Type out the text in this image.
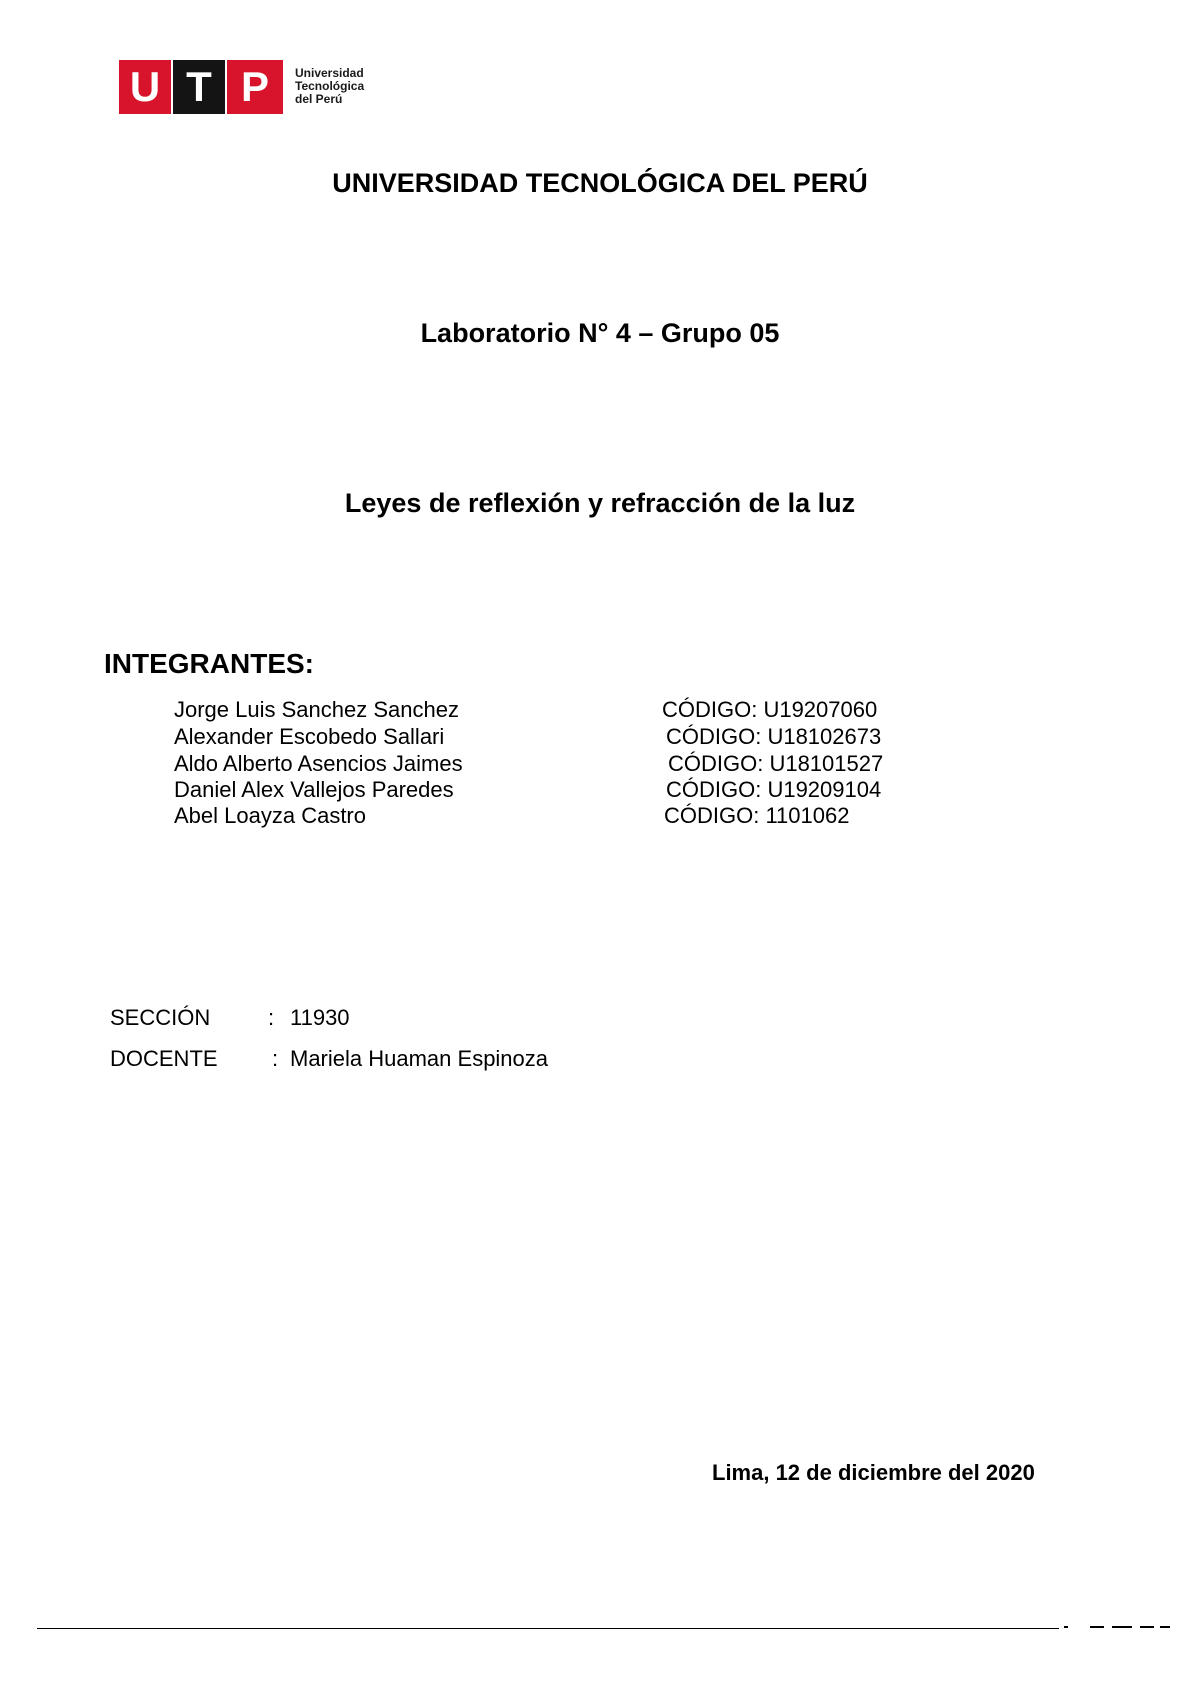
U T P	Universidad
Tecnológica
del Perú
UNIVERSIDAD TECNOLÓGICA DEL PERÚ
Laboratorio N° 4 – Grupo 05
Leyes de reflexión y refracción de la luz
INTEGRANTES:
Jorge Luis Sanchez Sanchez	CÓDIGO: U19207060
Alexander Escobedo Sallari	CÓDIGO: U18102673
Aldo Alberto Asencios Jaimes	CÓDIGO: U18101527
Daniel Alex Vallejos Paredes	CÓDIGO: U19209104
Abel Loayza Castro	CÓDIGO: 1101062
SECCIÓN	: 11930
DOCENTE : Mariela Huaman Espinoza
Lima, 12 de diciembre del 2020
